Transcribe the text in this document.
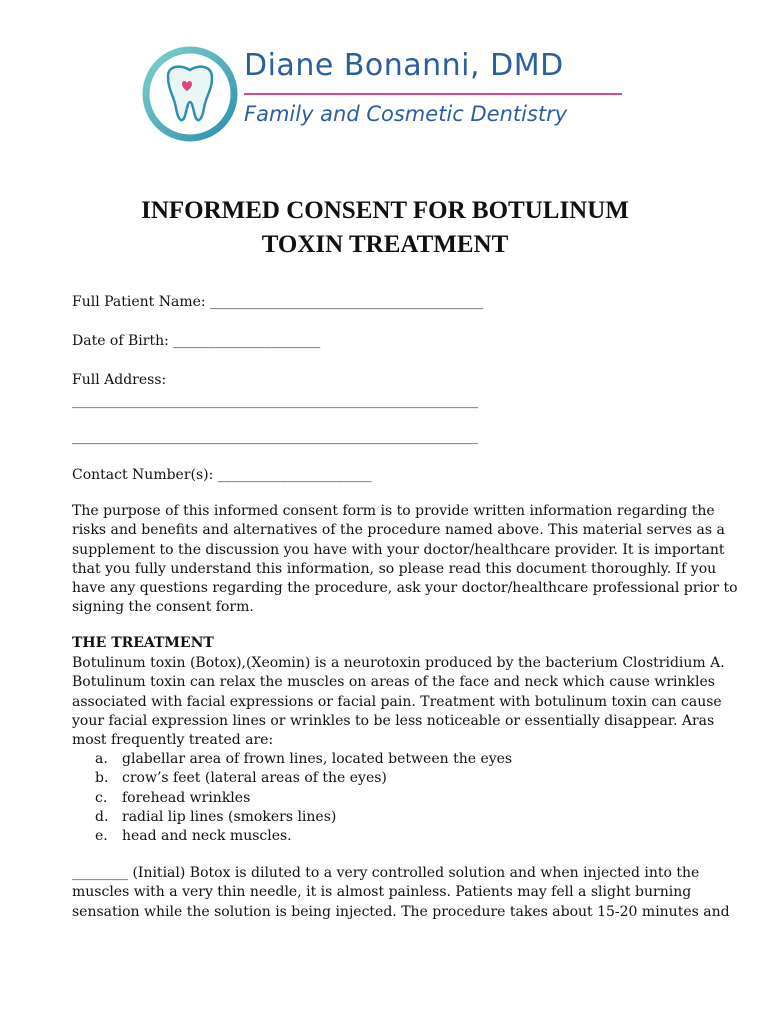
Diane Bonanni, DMD
Family and Cosmetic Dentistry
INFORMED CONSENT FOR BOTULINUM
TOXIN TREATMENT
Full Patient Name: _______________________________________
Date of Birth: _____________________
Full Address:
__________________________________________________________
__________________________________________________________
Contact Number(s): ______________________

The purpose of this informed consent form is to provide written information regarding the

risks and benefits and alternatives of the procedure named above. This material serves as a

supplement to the discussion you have with your doctor/healthcare provider. It is important

that you fully understand this information, so please read this document thoroughly. If you

have any questions regarding the procedure, ask your doctor/healthcare professional prior to

signing the consent form.

THE TREATMENT

Botulinum toxin (Botox),(Xeomin) is a neurotoxin produced by the bacterium Clostridium A.

Botulinum toxin can relax the muscles on areas of the face and neck which cause wrinkles

associated with facial expressions or facial pain. Treatment with botulinum toxin can cause

your facial expression lines or wrinkles to be less noticeable or essentially disappear. Aras

most frequently treated are:

a. glabellar area of frown lines, located between the eyes
b. crow’s feet (lateral areas of the eyes)
c. forehead wrinkles
d. radial lip lines (smokers lines)
e. head and neck muscles.

________ (Initial) Botox is diluted to a very controlled solution and when injected into the

muscles with a very thin needle, it is almost painless. Patients may fell a slight burning

sensation while the solution is being injected. The procedure takes about 15-20 minutes and
